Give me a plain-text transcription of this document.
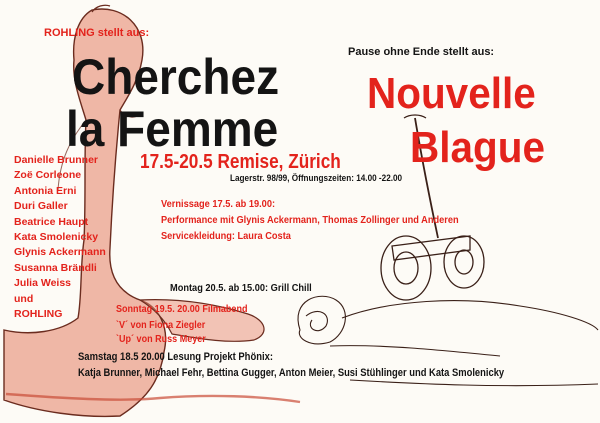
ROHLING stellt aus:
Cherchez
la Femme
Pause ohne Ende stellt aus:
Nouvelle
Blague
17.5-20.5 Remise, Zürich
Lagerstr. 98/99, Öffnungszeiten: 14.00 -22.00
Danielle Brunner
Zoë Corleone
Antonia Erni
Duri Galler
Beatrice Haupt
Kata Smolenicky
Glynis Ackermann
Susanna Brändli
Julia Weiss
und
ROHLING
Vernissage 17.5. ab 19.00:
Performance mit Glynis Ackermann, Thomas Zollinger und Anderen
Servicekleidung: Laura Costa
Montag 20.5. ab 15.00: Grill Chill
Sonntag 19.5. 20.00 Filmabend
`V´ von Fiona Ziegler
`Up´ von Russ Meyer
Samstag 18.5 20.00 Lesung Projekt Phönix:
Katja Brunner, Michael Fehr, Bettina Gugger, Anton Meier, Susi Stühlinger und Kata Smolenicky
